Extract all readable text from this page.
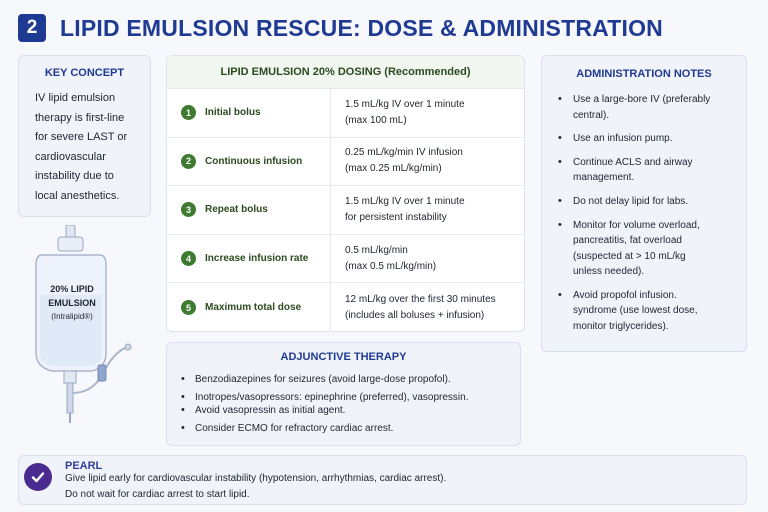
2 LIPID EMULSION RESCUE: DOSE & ADMINISTRATION
KEY CONCEPT
IV lipid emulsion
therapy is first-line
for severe LAST or
cardiovascular
instability due to
local anesthetics.
20% LIPID
EMULSION
(Intralipid®)
LIPID EMULSION 20% DOSING (Recommended)
1	Initial bolus
1.5 mL/kg IV over 1 minute
(max 100 mL)
2	Continuous infusion
0.25 mL/kg/min IV infusion
(max 0.25 mL/kg/min)
3	Repeat bolus
1.5 mL/kg IV over 1 minute
for persistent instability
4	Increase infusion rate
0.5 mL/kg/min
(max 0.5 mL/kg/min)
5	Maximum total dose
12 mL/kg over the first 30 minutes
(includes all boluses + infusion)
ADMINISTRATION NOTES
• Use a large-bore IV (preferably
central).
• Use an infusion pump.
• Continue ACLS and airway
management.
• Do not delay lipid for labs.
• Monitor for volume overload,
pancreatitis, fat overload
(suspected at > 10 mL/kg
unless needed).
• Avoid propofol infusion.
syndrome (use lowest dose,
monitor triglycerides).
ADJUNCTIVE THERAPY
• Benzodiazepines for seizures (avoid large-dose propofol).
• Inotropes/vasopressors: epinephrine (preferred), vasopressin.
• Avoid vasopressin as initial agent.
• Consider ECMO for refractory cardiac arrest.
PEARL
Give lipid early for cardiovascular instability (hypotension, arrhythmias, cardiac arrest).
Do not wait for cardiac arrest to start lipid.
